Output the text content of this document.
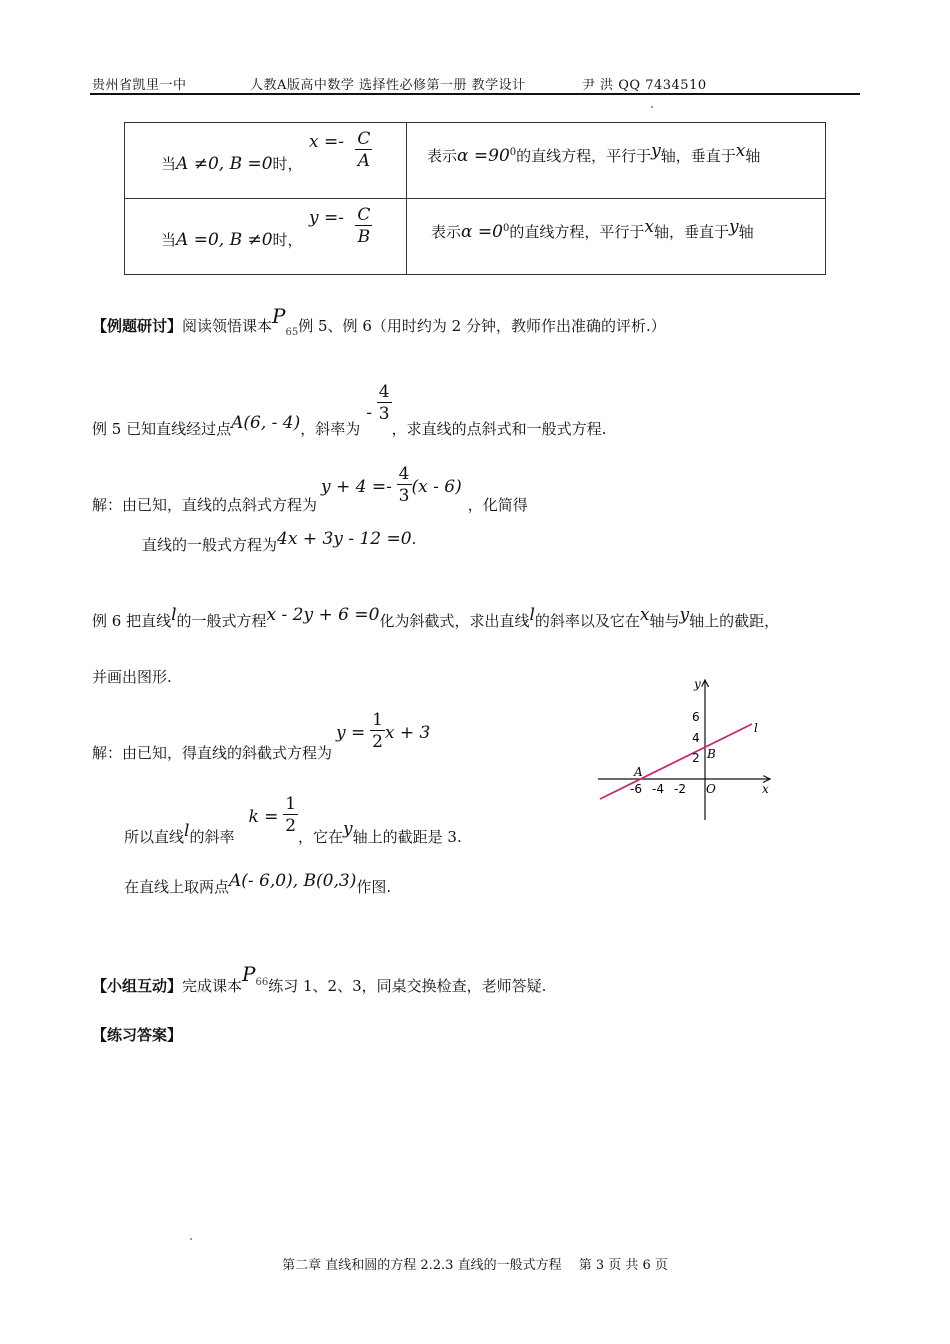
贵州省凯里一中	人教A版高中数学 选择性必修第一册 教学设计	尹 洪 QQ 7434510
当A ≠0, B =0时，
$x =- \frac{C}{A}$	表示$\alpha =90^0$的直线方程，平行于y轴，垂直于x轴

当A =0, B ≠0时，
$y =- \frac{C}{B}$	表示$\alpha =0^0$的直线方程，平行于x轴，垂直于y轴
【例题研讨】阅读领悟课本$P_{65}$例 5、例 6（用时约为 2 分钟，教师作出准确的评析.）
例 5 已知直线经过点A(6, - 4)，斜率为- $\frac{4}{3}$
，求直线的点斜式和一般式方程.
解：由已知，直线的点斜式方程为$y + 4 =- \frac{4}{3} (x - 6)$，化简得
直线的一般式方程为4x + 3y - 12 =0.
例 6 把直线l的一般式方程x - 2y + 6 =0化为斜截式，求出直线l的斜率以及它在x轴与y轴上的截距，
并画出图形.
解：由已知，得直线的斜截式方程为$y = \frac{1}{2}$ x + 3
所以直线l的斜率$k = \frac{1}{2}$ ，它在y轴上的截距是 3.
在直线上取两点A(- 6,0), B(0,3)作图.
y
x
O
l
A
B
6
4
2
-6 -4 -2
【小组互动】完成课本$P_{66}$练习 1、2、3，同桌交换检查，老师答疑.
【练习答案】
第二章 直线和圆的方程 2.2.3 直线的一般式方程　 第 3 页 共 6 页
